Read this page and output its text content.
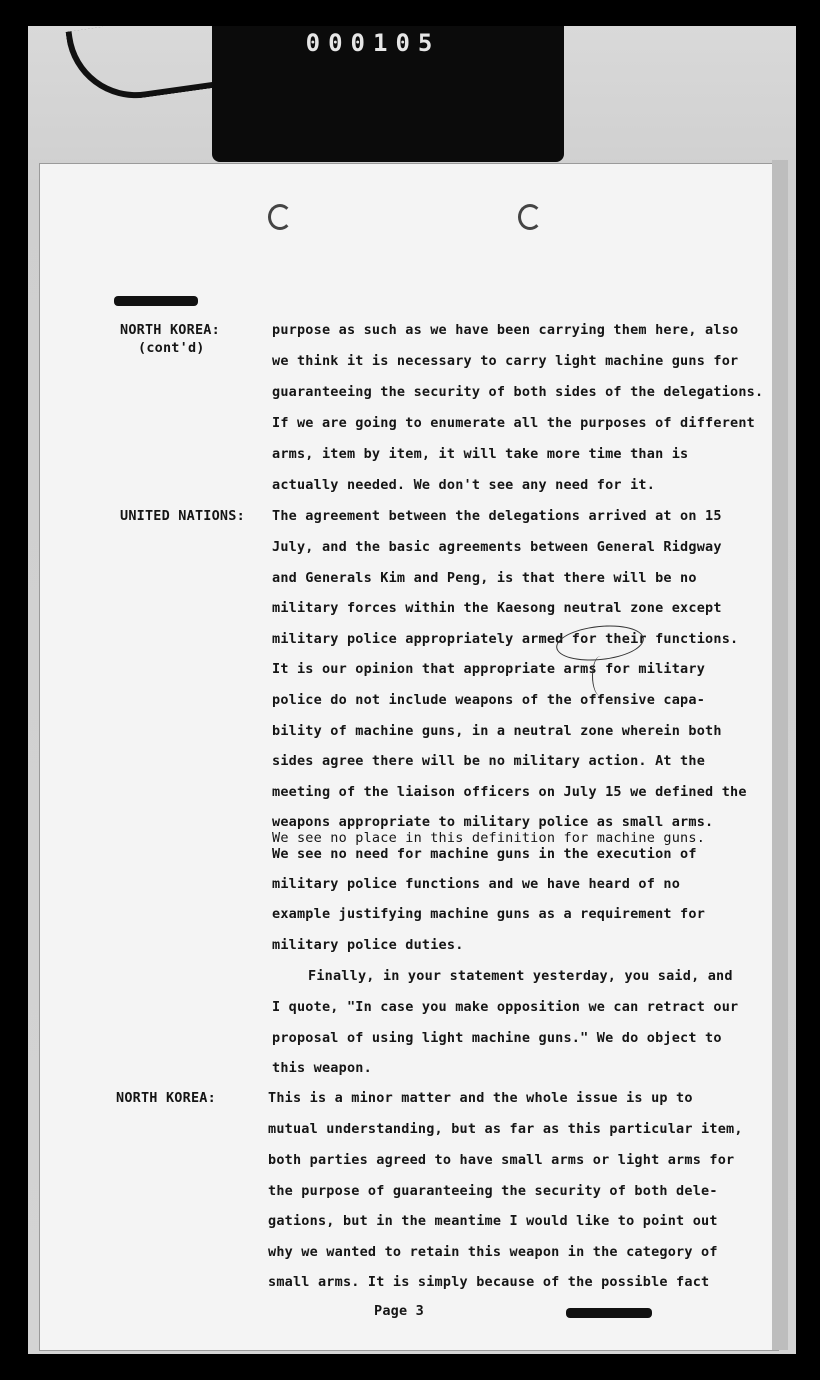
000105
NORTH KOREA:
(cont'd)
UNITED NATIONS:
NORTH KOREA:
purpose as such as we have been carrying them here, also
we think it is necessary to carry light machine guns for
guaranteeing the security of both sides of the delegations.
If we are going to enumerate all the purposes of different
arms, item by item, it will take more time than is
actually needed. We don't see any need for it.
The agreement between the delegations arrived at on 15
July, and the basic agreements between General Ridgway
and Generals Kim and Peng, is that there will be no
military forces within the Kaesong neutral zone except
military police appropriately armed for their functions.
It is our opinion that appropriate arms for military
police do not include weapons of the offensive capa-
bility of machine guns, in a neutral zone wherein both
sides agree there will be no military action. At the
meeting of the liaison officers on July 15 we defined the
weapons appropriate to military police as small arms.
We see no place in this definition for machine guns.
We see no need for machine guns in the execution of
military police functions and we have heard of no
example justifying machine guns as a requirement for
military police duties.
Finally, in your statement yesterday, you said, and
I quote, "In case you make opposition we can retract our
proposal of using light machine guns." We do object to
this weapon.
This is a minor matter and the whole issue is up to
mutual understanding, but as far as this particular item,
both parties agreed to have small arms or light arms for
the purpose of guaranteeing the security of both dele-
gations, but in the meantime I would like to point out
why we wanted to retain this weapon in the category of
small arms. It is simply because of the possible fact
Page 3
